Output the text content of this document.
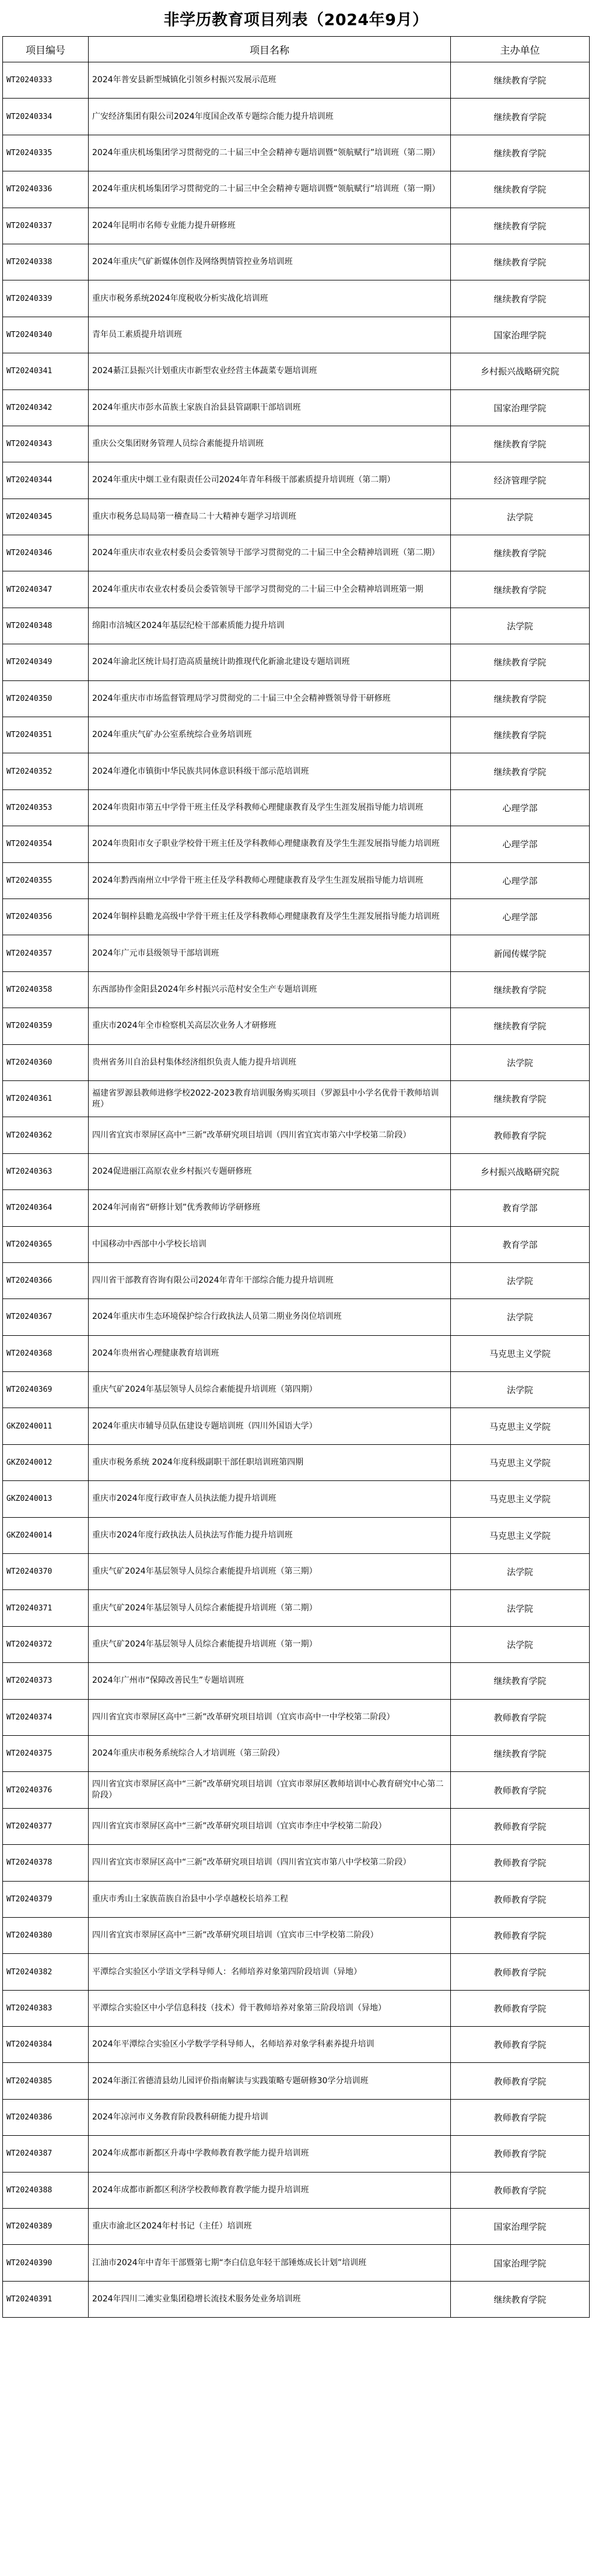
非学历教育项目列表（2024年9月）
项目编号	项目名称	主办单位
WT20240333	2024年普安县新型城镇化引领乡村振兴发展示范班	继续教育学院
WT20240334	广安经济集团有限公司2024年度国企改革专题综合能力提升培训班	继续教育学院
WT20240335	2024年重庆机场集团学习贯彻党的二十届三中全会精神专题培训暨“领航赋行”培训班（第二期）	继续教育学院
WT20240336	2024年重庆机场集团学习贯彻党的二十届三中全会精神专题培训暨“领航赋行”培训班（第一期）	继续教育学院
WT20240337	2024年昆明市名师专业能力提升研修班	继续教育学院
WT20240338	2024年重庆气矿新媒体创作及网络舆情管控业务培训班	继续教育学院
WT20240339	重庆市税务系统2024年度税收分析实战化培训班	继续教育学院
WT20240340	青年员工素质提升培训班	国家治理学院
WT20240341	2024綦江县振兴计划重庆市新型农业经营主体蔬菜专题培训班	乡村振兴战略研究院
WT20240342	2024年重庆市彭水苗族土家族自治县县管副职干部培训班	国家治理学院
WT20240343	重庆公交集团财务管理人员综合素能提升培训班	继续教育学院
WT20240344	2024年重庆中烟工业有限责任公司2024年青年科级干部素质提升培训班（第二期）	经济管理学院
WT20240345	重庆市税务总局局第一稽查局二十大精神专题学习培训班	法学院
WT20240346	2024年重庆市农业农村委员会委管领导干部学习贯彻党的二十届三中全会精神培训班（第二期）	继续教育学院
WT20240347	2024年重庆市农业农村委员会委管领导干部学习贯彻党的二十届三中全会精神培训班第一期	继续教育学院
WT20240348	绵阳市涪城区2024年基层纪检干部素质能力提升培训	法学院
WT20240349	2024年渝北区统计局打造高质量统计助推现代化新渝北建设专题培训班	继续教育学院
WT20240350	2024年重庆市市场监督管理局学习贯彻党的二十届三中全会精神暨领导骨干研修班	继续教育学院
WT20240351	2024年重庆气矿办公室系统综合业务培训班	继续教育学院
WT20240352	2024年遵化市镇街中华民族共同体意识科级干部示范培训班	继续教育学院
WT20240353	2024年贵阳市第五中学骨干班主任及学科教师心理健康教育及学生生涯发展指导能力培训班	心理学部
WT20240354	2024年贵阳市女子职业学校骨干班主任及学科教师心理健康教育及学生生涯发展指导能力培训班	心理学部
WT20240355	2024年黔西南州立中学骨干班主任及学科教师心理健康教育及学生生涯发展指导能力培训班	心理学部
WT20240356	2024年铜梓县瞻龙高级中学骨干班主任及学科教师心理健康教育及学生生涯发展指导能力培训班	心理学部
WT20240357	2024年广元市县级领导干部培训班	新闻传媒学院
WT20240358	东西部协作金阳县2024年乡村振兴示范村安全生产专题培训班	继续教育学院
WT20240359	重庆市2024年全市检察机关高层次业务人才研修班	继续教育学院
WT20240360	贵州省务川自治县村集体经济组织负责人能力提升培训班	法学院
WT20240361	福建省罗源县教师进修学校2022-2023教育培训服务购买项目（罗源县中小学名优骨干教师培训班）	继续教育学院
WT20240362	四川省宜宾市翠屏区高中“三新”改革研究项目培训（四川省宜宾市第六中学校第二阶段）	教师教育学院
WT20240363	2024促进丽江高原农业乡村振兴专题研修班	乡村振兴战略研究院
WT20240364	2024年河南省“研修计划”优秀教师访学研修班	教育学部
WT20240365	中国移动中西部中小学校长培训	教育学部
WT20240366	四川省干部教育咨询有限公司2024年青年干部综合能力提升培训班	法学院
WT20240367	2024年重庆市生态环境保护综合行政执法人员第二期业务岗位培训班	法学院
WT20240368	2024年贵州省心理健康教育培训班	马克思主义学院
WT20240369	重庆气矿2024年基层领导人员综合素能提升培训班（第四期）	法学院
GKZ0240011	2024年重庆市辅导员队伍建设专题培训班（四川外国语大学）	马克思主义学院
GKZ0240012	重庆市税务系统 2024年度科级副职干部任职培训班第四期	马克思主义学院
GKZ0240013	重庆市2024年度行政审查人员执法能力提升培训班	马克思主义学院
GKZ0240014	重庆市2024年度行政执法人员执法写作能力提升培训班	马克思主义学院
WT20240370	重庆气矿2024年基层领导人员综合素能提升培训班（第三期）	法学院
WT20240371	重庆气矿2024年基层领导人员综合素能提升培训班（第二期）	法学院
WT20240372	重庆气矿2024年基层领导人员综合素能提升培训班（第一期）	法学院
WT20240373	2024年广州市“保障改善民生”专题培训班	继续教育学院
WT20240374	四川省宜宾市翠屏区高中“三新”改革研究项目培训（宜宾市高中一中学校第二阶段）	教师教育学院
WT20240375	2024年重庆市税务系统综合人才培训班（第三阶段）	继续教育学院
WT20240376	四川省宜宾市翠屏区高中“三新”改革研究项目培训（宜宾市翠屏区教师培训中心教育研究中心第二阶段）	教师教育学院
WT20240377	四川省宜宾市翠屏区高中“三新”改革研究项目培训（宜宾市李庄中学校第二阶段）	教师教育学院
WT20240378	四川省宜宾市翠屏区高中“三新”改革研究项目培训（四川省宜宾市第八中学校第二阶段）	教师教育学院
WT20240379	重庆市秀山土家族苗族自治县中小学卓越校长培养工程	教师教育学院
WT20240380	四川省宜宾市翠屏区高中“三新”改革研究项目培训（宜宾市三中学校第二阶段）	教师教育学院
WT20240382	平潭综合实验区小学语文学科导师人：名师培养对象第四阶段培训（异地）	教师教育学院
WT20240383	平潭综合实验区中小学信息科技（技术）骨干教师培养对象第三阶段培训（异地）	教师教育学院
WT20240384	2024年平潭综合实验区小学数学学科导师人，名师培养对象学科素养提升培训	教师教育学院
WT20240385	2024年浙江省德清县幼儿园评价指南解读与实践策略专题研修30学分培训班	教师教育学院
WT20240386	2024年凉河市义务教育阶段教科研能力提升培训	教师教育学院
WT20240387	2024年成都市新都区升毒中学教师教育教学能力提升培训班	教师教育学院
WT20240388	2024年成都市新都区利济学校教师教育教学能力提升培训班	教师教育学院
WT20240389	重庆市渝北区2024年村书记（主任）培训班	国家治理学院
WT20240390	江油市2024年中青年干部暨第七期“李白信息年轻干部锤炼成长计划”培训班	国家治理学院
WT20240391	2024年四川二滩实业集团稳增长流技术服务处业务培训班	继续教育学院
